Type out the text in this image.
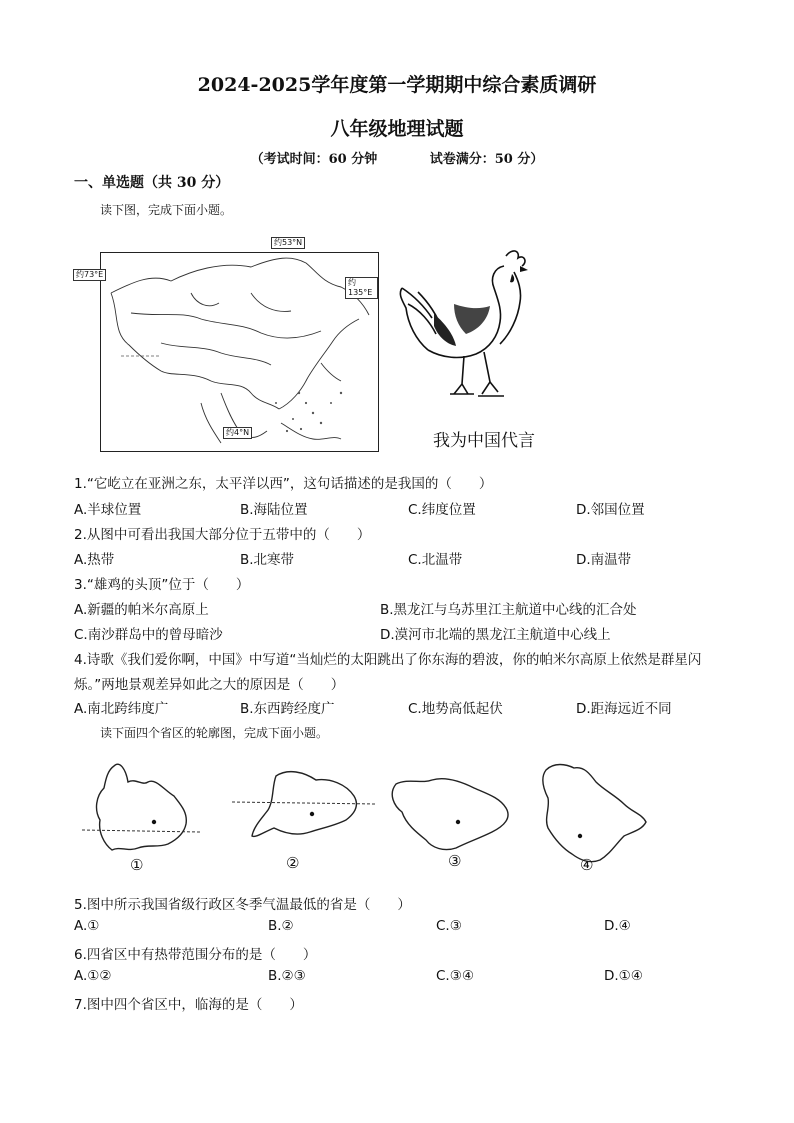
2024-2025学年度第一学期期中综合素质调研
八年级地理试题
（考试时间：60 分钟	试卷满分：50 分）
一、单选题（共 30 分）
读下图，完成下面小题。
约53°N
约73°E
约135°E
约4°N	我为中国代言
1.“它屹立在亚洲之东，太平洋以西”，这句话描述的是我国的（　　）
A.半球位置	B.海陆位置	C.纬度位置	D.邻国位置
2.从图中可看出我国大部分位于五带中的（　　）
A.热带	B.北寒带	C.北温带	D.南温带
3.“雄鸡的头顶”位于（　　）
A.新疆的帕米尔高原上	B.黑龙江与乌苏里江主航道中心线的汇合处
C.南沙群岛中的曾母暗沙	D.漠河市北端的黑龙江主航道中心线上
4.诗歌《我们爱你啊，中国》中写道“当灿烂的太阳跳出了你东海的碧波，你的帕米尔高原上依然是群星闪
烁。”两地景观差异如此之大的原因是（　　）
A.南北跨纬度广	B.东西跨经度广	C.地势高低起伏	D.距海远近不同
读下面四个省区的轮廓图，完成下面小题。
①	②	③	④
5.图中所示我国省级行政区冬季气温最低的省是（　　）
A.①	B.②	C.③	D.④
6.四省区中有热带范围分布的是（　　）
A.①②	B.②③	C.③④	D.①④
7.图中四个省区中，临海的是（　　）
